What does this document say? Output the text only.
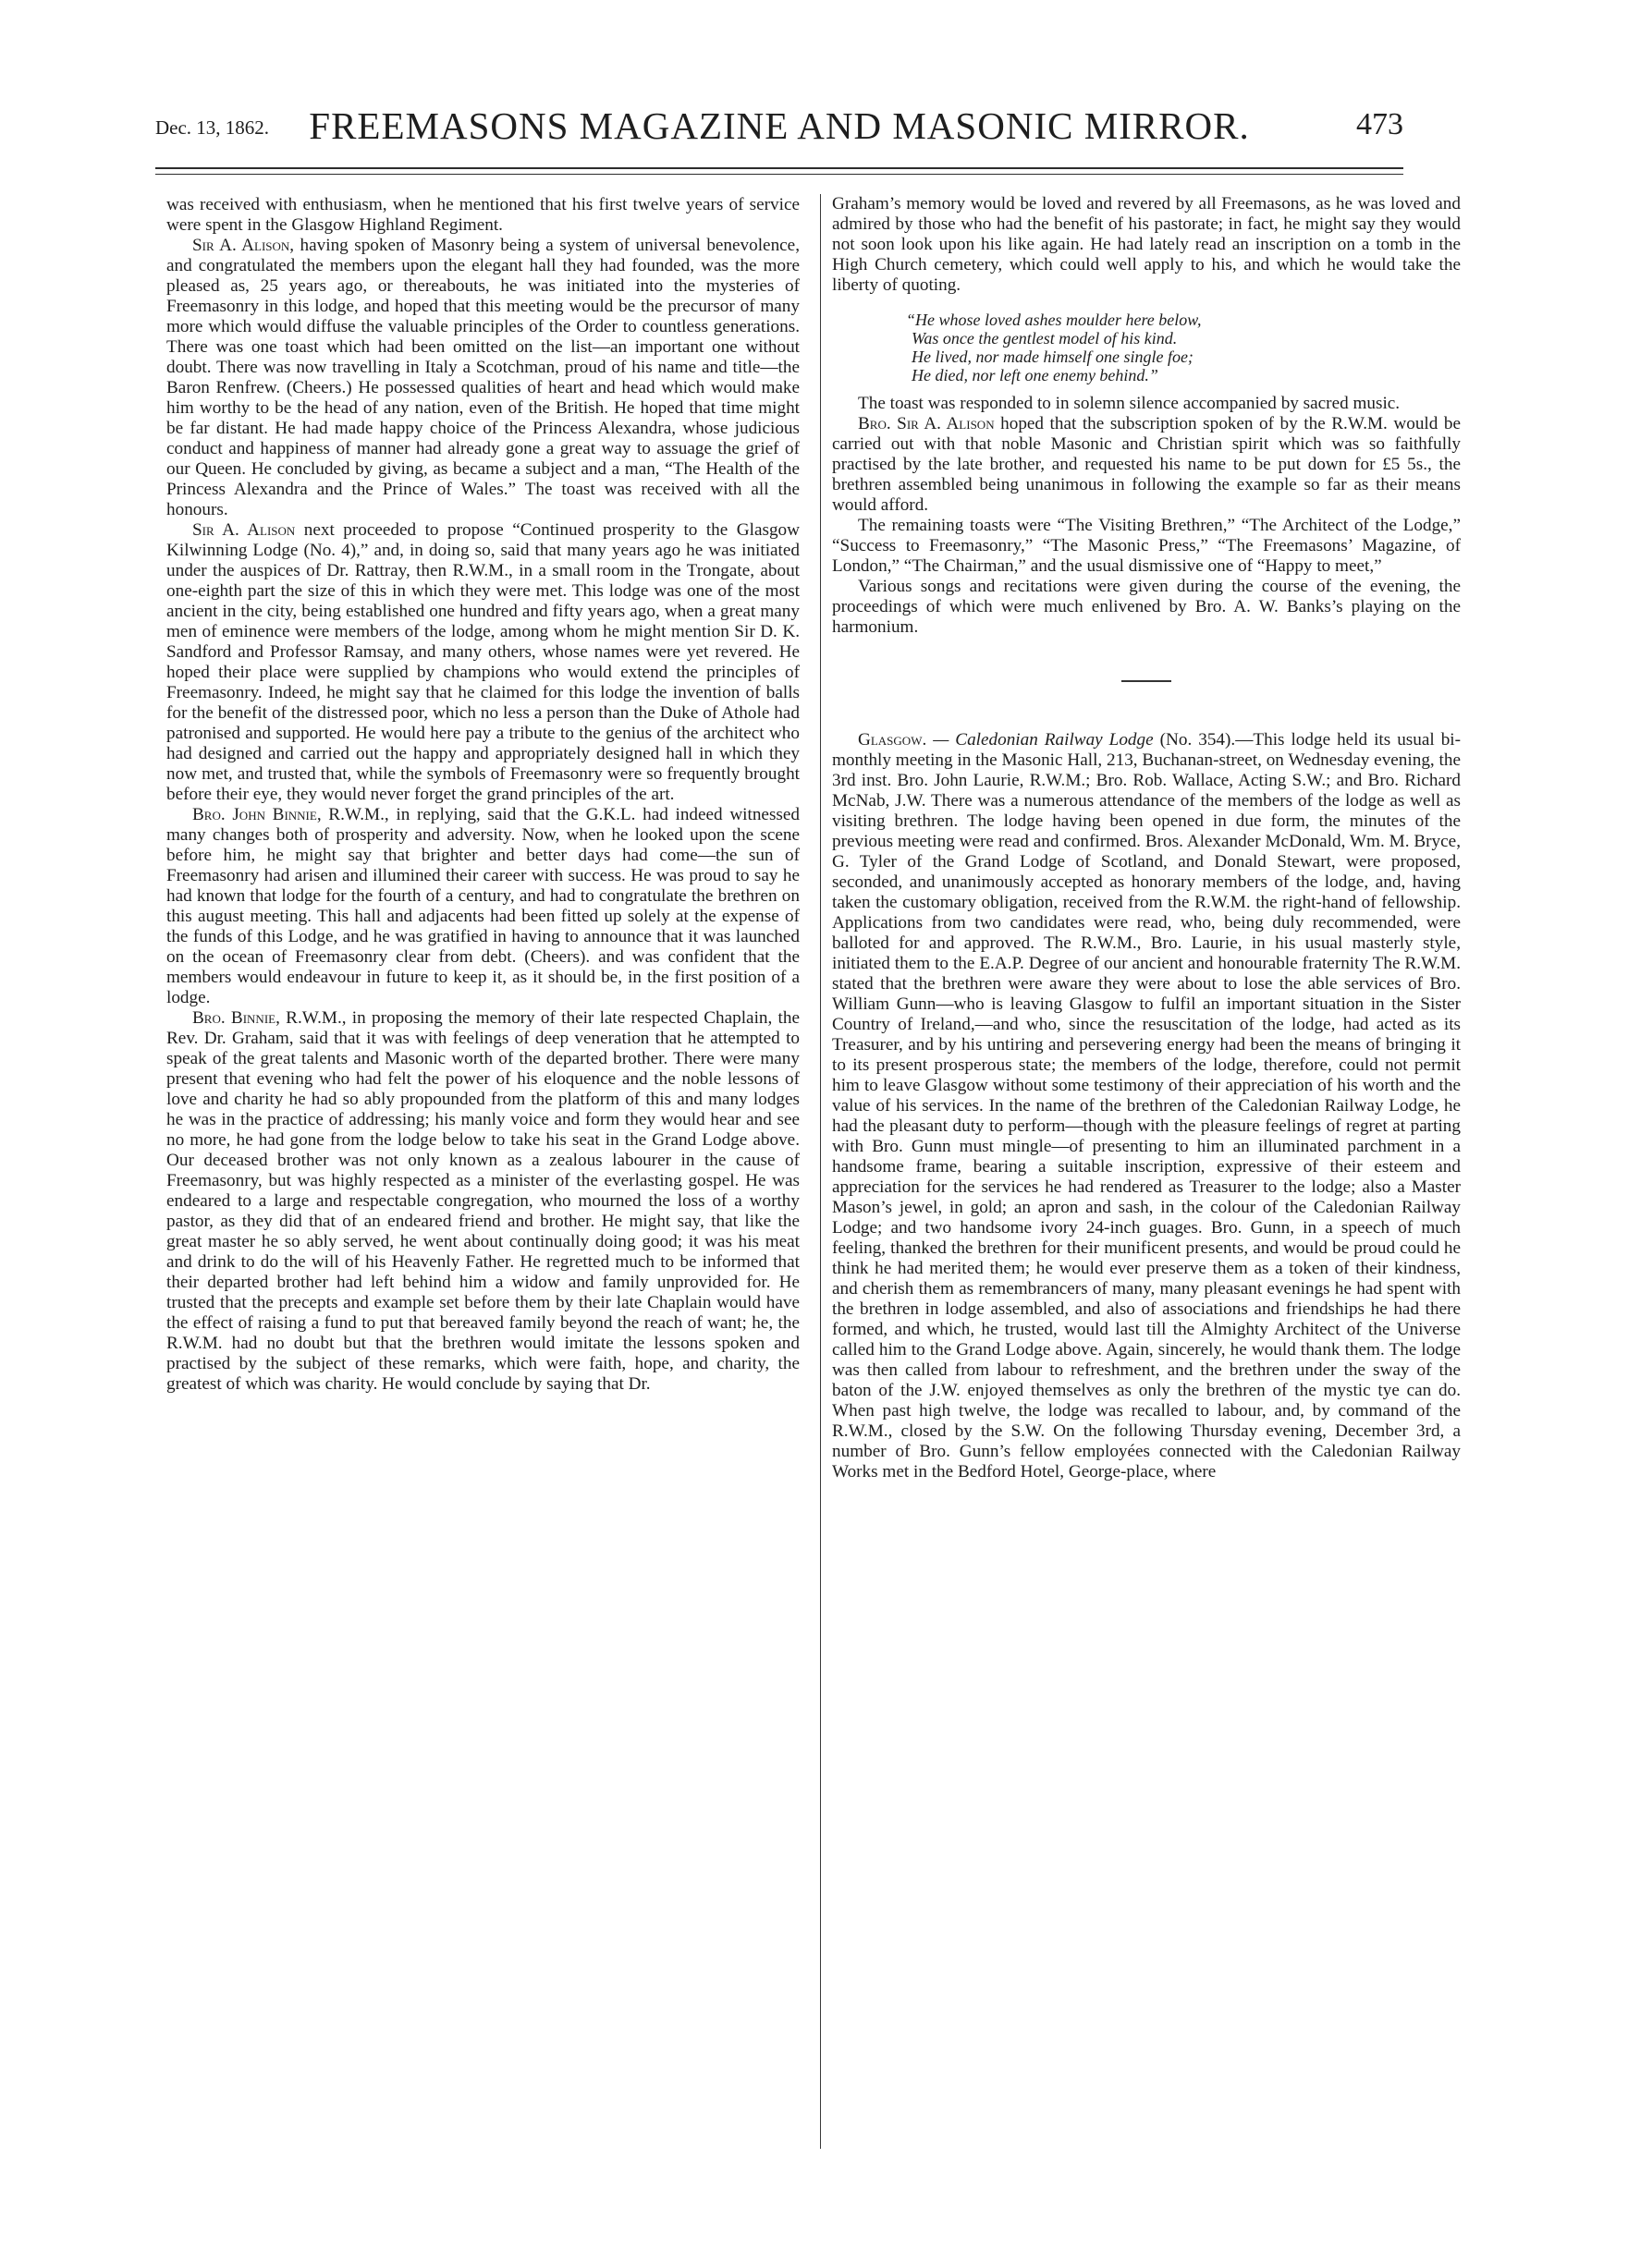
Dec. 13, 1862.	FREEMASONS MAGAZINE AND MASONIC MIRROR.	473

was received with enthusiasm, when he mentioned that his first twelve years of service were spent in the Glasgow Highland Regiment.

Sir A. Alison, having spoken of Masonry being a system of universal benevolence, and congratulated the members upon the elegant hall they had founded, was the more pleased as, 25 years ago, or thereabouts, he was initiated into the mysteries of Freemasonry in this lodge, and hoped that this meeting would be the precursor of many more which would diffuse the valuable principles of the Order to countless generations. There was one toast which had been omitted on the list—an important one without doubt. There was now travelling in Italy a Scotchman, proud of his name and title—the Baron Renfrew. (Cheers.) He possessed qualities of heart and head which would make him worthy to be the head of any nation, even of the British. He hoped that time might be far distant. He had made happy choice of the Princess Alexandra, whose judicious conduct and happiness of manner had already gone a great way to assuage the grief of our Queen. He concluded by giving, as became a subject and a man, “The Health of the Princess Alexandra and the Prince of Wales.” The toast was received with all the honours.

Sir A. Alison next proceeded to propose “Continued prosperity to the Glasgow Kilwinning Lodge (No. 4),” and, in doing so, said that many years ago he was initiated under the auspices of Dr. Rattray, then R.W.M., in a small room in the Trongate, about one-eighth part the size of this in which they were met. This lodge was one of the most ancient in the city, being established one hundred and fifty years ago, when a great many men of eminence were members of the lodge, among whom he might mention Sir D. K. Sandford and Professor Ramsay, and many others, whose names were yet revered. He hoped their place were supplied by champions who would extend the principles of Freemasonry. Indeed, he might say that he claimed for this lodge the invention of balls for the benefit of the distressed poor, which no less a person than the Duke of Athole had patronised and supported. He would here pay a tribute to the genius of the architect who had designed and carried out the happy and appropriately designed hall in which they now met, and trusted that, while the symbols of Freemasonry were so frequently brought before their eye, they would never forget the grand principles of the art.

Bro. John Binnie, R.W.M., in replying, said that the G.K.L. had indeed witnessed many changes both of prosperity and adversity. Now, when he looked upon the scene before him, he might say that brighter and better days had come—the sun of Freemasonry had arisen and illumined their career with success. He was proud to say he had known that lodge for the fourth of a century, and had to congratulate the brethren on this august meeting. This hall and adjacents had been fitted up solely at the expense of the funds of this Lodge, and he was gratified in having to announce that it was launched on the ocean of Freemasonry clear from debt. (Cheers). and was confident that the members would endeavour in future to keep it, as it should be, in the first position of a lodge.

Bro. Binnie, R.W.M., in proposing the memory of their late respected Chaplain, the Rev. Dr. Graham, said that it was with feelings of deep veneration that he attempted to speak of the great talents and Masonic worth of the departed brother. There were many present that evening who had felt the power of his eloquence and the noble lessons of love and charity he had so ably propounded from the platform of this and many lodges he was in the practice of addressing; his manly voice and form they would hear and see no more, he had gone from the lodge below to take his seat in the Grand Lodge above. Our deceased brother was not only known as a zealous labourer in the cause of Freemasonry, but was highly respected as a minister of the everlasting gospel. He was endeared to a large and respectable congregation, who mourned the loss of a worthy pastor, as they did that of an endeared friend and brother. He might say, that like the great master he so ably served, he went about continually doing good; it was his meat and drink to do the will of his Heavenly Father. He regretted much to be informed that their departed brother had left behind him a widow and family unprovided for. He trusted that the precepts and example set before them by their late Chaplain would have the effect of raising a fund to put that bereaved family beyond the reach of want; he, the R.W.M. had no doubt but that the brethren would imitate the lessons spoken and practised by the subject of these remarks, which were faith, hope, and charity, the greatest of which was charity. He would conclude by saying that Dr.

Graham’s memory would be loved and revered by all Freemasons, as he was loved and admired by those who had the benefit of his pastorate; in fact, he might say they would not soon look upon his like again. He had lately read an inscription on a tomb in the High Church cemetery, which could well apply to his, and which he would take the liberty of quoting.

“He whose loved ashes moulder here below,
Was once the gentlest model of his kind.
He lived, nor made himself one single foe;
He died, nor left one enemy behind.”

The toast was responded to in solemn silence accompanied by sacred music.

Bro. Sir A. Alison hoped that the subscription spoken of by the R.W.M. would be carried out with that noble Masonic and Christian spirit which was so faithfully practised by the late brother, and requested his name to be put down for £5 5s., the brethren assembled being unanimous in following the example so far as their means would afford.

The remaining toasts were “The Visiting Brethren,” “The Architect of the Lodge,” “Success to Freemasonry,” “The Masonic Press,” “The Freemasons’ Magazine, of London,” “The Chairman,” and the usual dismissive one of “Happy to meet,”

Various songs and recitations were given during the course of the evening, the proceedings of which were much enlivened by Bro. A. W. Banks’s playing on the harmonium.

Glasgow. — Caledonian Railway Lodge (No. 354).—This lodge held its usual bi-monthly meeting in the Masonic Hall, 213, Buchanan-street, on Wednesday evening, the 3rd inst. Bro. John Laurie, R.W.M.; Bro. Rob. Wallace, Acting S.W.; and Bro. Richard McNab, J.W. There was a numerous attendance of the members of the lodge as well as visiting brethren. The lodge having been opened in due form, the minutes of the previous meeting were read and confirmed. Bros. Alexander McDonald, Wm. M. Bryce, G. Tyler of the Grand Lodge of Scotland, and Donald Stewart, were proposed, seconded, and unanimously accepted as honorary members of the lodge, and, having taken the customary obligation, received from the R.W.M. the right-hand of fellowship. Applications from two candidates were read, who, being duly recommended, were balloted for and approved. The R.W.M., Bro. Laurie, in his usual masterly style, initiated them to the E.A.P. Degree of our ancient and honourable fraternity The R.W.M. stated that the brethren were aware they were about to lose the able services of Bro. William Gunn—who is leaving Glasgow to fulfil an important situation in the Sister Country of Ireland,—and who, since the resuscitation of the lodge, had acted as its Treasurer, and by his untiring and persevering energy had been the means of bringing it to its present prosperous state; the members of the lodge, therefore, could not permit him to leave Glasgow without some testimony of their appreciation of his worth and the value of his services. In the name of the brethren of the Caledonian Railway Lodge, he had the pleasant duty to perform—though with the pleasure feelings of regret at parting with Bro. Gunn must mingle—of presenting to him an illuminated parchment in a handsome frame, bearing a suitable inscription, expressive of their esteem and appreciation for the services he had rendered as Treasurer to the lodge; also a Master Mason’s jewel, in gold; an apron and sash, in the colour of the Caledonian Railway Lodge; and two handsome ivory 24-inch guages. Bro. Gunn, in a speech of much feeling, thanked the brethren for their munificent presents, and would be proud could he think he had merited them; he would ever preserve them as a token of their kindness, and cherish them as remembrancers of many, many pleasant evenings he had spent with the brethren in lodge assembled, and also of associations and friendships he had there formed, and which, he trusted, would last till the Almighty Architect of the Universe called him to the Grand Lodge above. Again, sincerely, he would thank them. The lodge was then called from labour to refreshment, and the brethren under the sway of the baton of the J.W. enjoyed themselves as only the brethren of the mystic tye can do. When past high twelve, the lodge was recalled to labour, and, by command of the R.W.M., closed by the S.W. On the following Thursday evening, December 3rd, a number of Bro. Gunn’s fellow employées connected with the Caledonian Railway Works met in the Bedford Hotel, George-place, where
